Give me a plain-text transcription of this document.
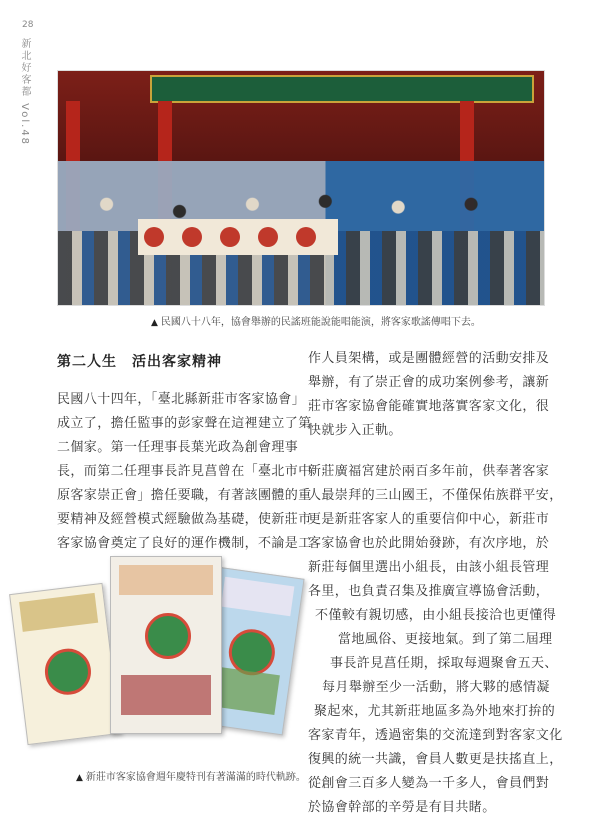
28
新北好客都 Vol.48
▲ 民國八十八年，協會舉辦的民謠班能說能唱能演，將客家歌謠傳唱下去。
第二人生　活出客家精神
民國八十四年，「臺北縣新莊市客家協會」
成立了，擔任監事的彭家聲在這裡建立了第
二個家。第一任理事長葉光政為創會理事
長，而第二任理事長許見菖曾在「臺北市中
原客家崇正會」擔任要職，有著該團體的重
要精神及經營模式經驗做為基礎，使新莊市
客家協會奠定了良好的運作機制，不論是工
作人員架構，或是團體經營的活動安排及
舉辦，有了崇正會的成功案例參考，讓新
莊市客家協會能確實地落實客家文化，很
快就步入正軌。
新莊廣福宮建於兩百多年前，供奉著客家
人最崇拜的三山國王，不僅保佑族群平安，
更是新莊客家人的重要信仰中心，新莊市
客家協會也於此開始發跡，有次序地，於
新莊每個里選出小組長，由該小組長管理
各里，也負責召集及推廣宣導協會活動，
不僅較有親切感，由小組長接洽也更懂得
當地風俗、更接地氣。到了第二屆理
事長許見菖任期，採取每週聚會五天、
每月舉辦至少一活動，將大夥的感情凝
聚起來，尤其新莊地區多為外地來打拚的
客家青年，透過密集的交流達到對客家文化
復興的統一共識，會員人數更是扶搖直上，
從創會三百多人變為一千多人，會員們對
於協會幹部的辛勞是有目共睹。
▲ 新莊市客家協會週年慶特刊有著滿滿的時代軌跡。
